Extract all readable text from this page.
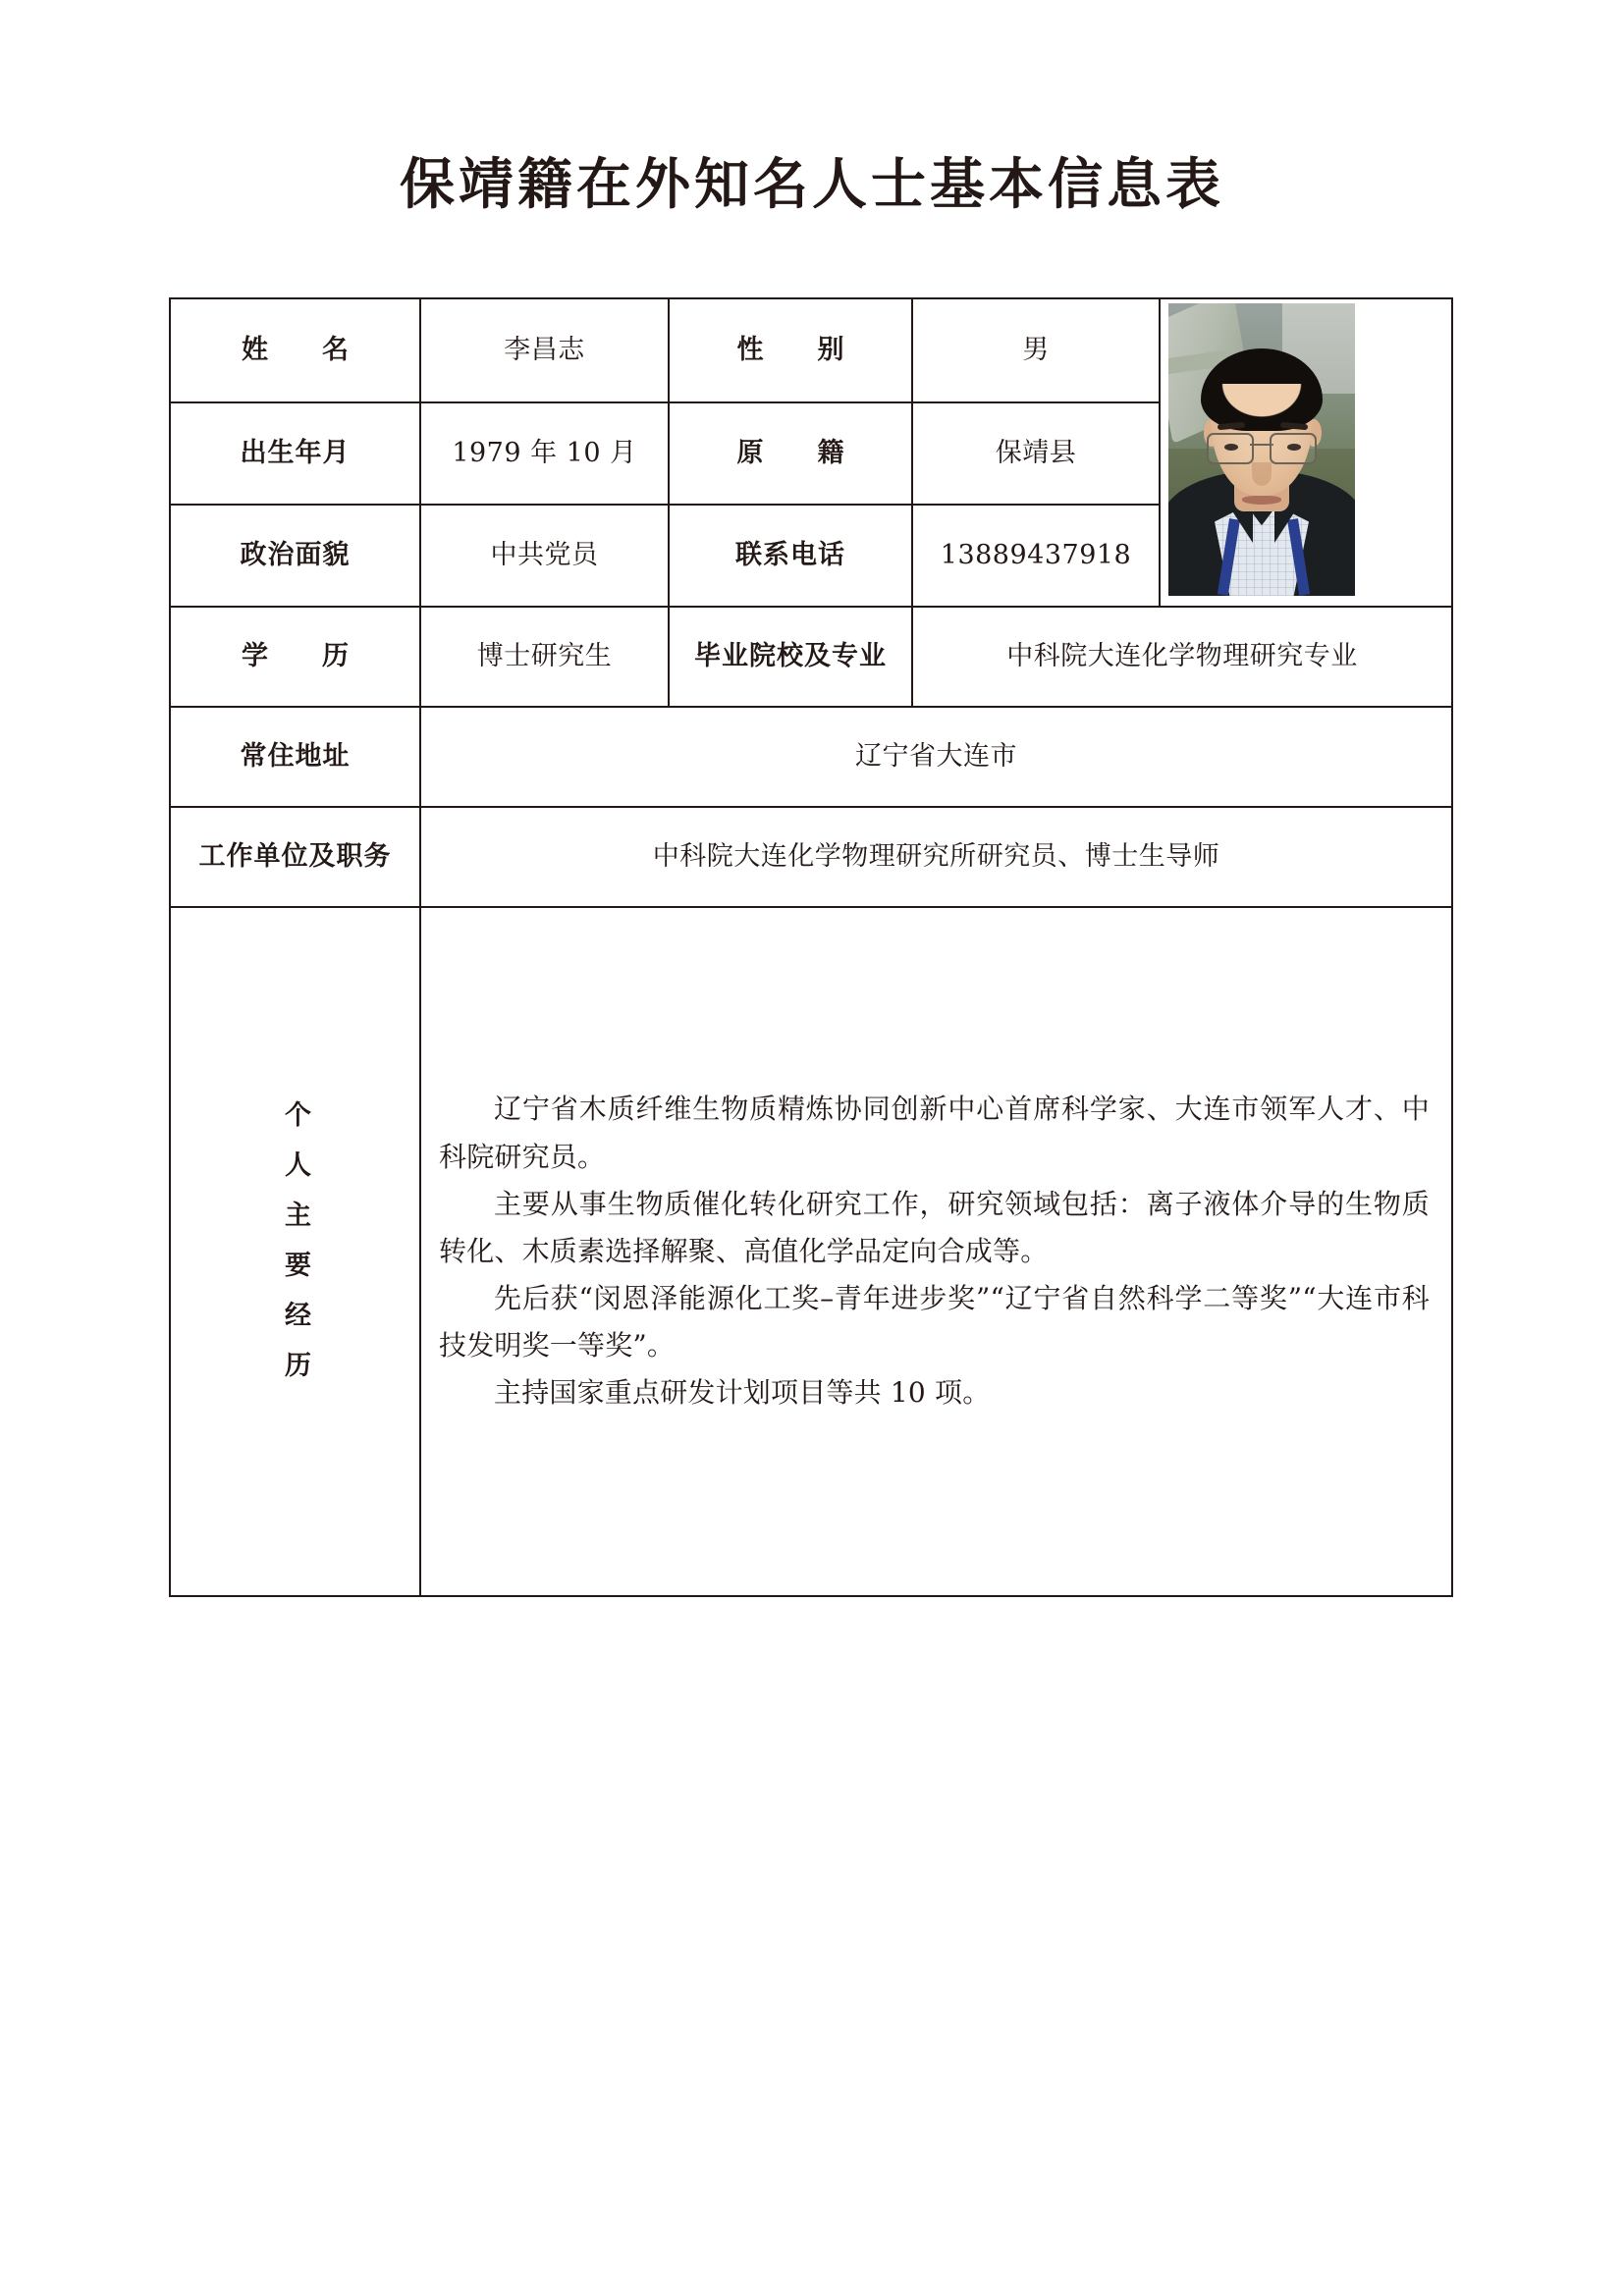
保靖籍在外知名人士基本信息表
姓　名	李昌志	性　别	男	

出生年月	1979 年 10 月	原　籍	保靖县	
政治面貌	中共党员	联系电话	13889437918	
学　历	博士研究生	毕业院校及专业	中科院大连化学物理研究专业	
常住地址	辽宁省大连市			
工作单位及职务	中科院大连化学物理研究所研究员、博士生导师			
个人主要经历	辽宁省木质纤维生物质精炼协同创新中心首席科学家、大连市领军人才、中科院研究员。

主要从事生物质催化转化研究工作，研究领域包括：离子液体介导的生物质转化、木质素选择解聚、高值化学品定向合成等。

先后获“闵恩泽能源化工奖–青年进步奖”“辽宁省自然科学二等奖”“大连市科技发明奖一等奖”。

主持国家重点研发计划项目等共 10 项。			
